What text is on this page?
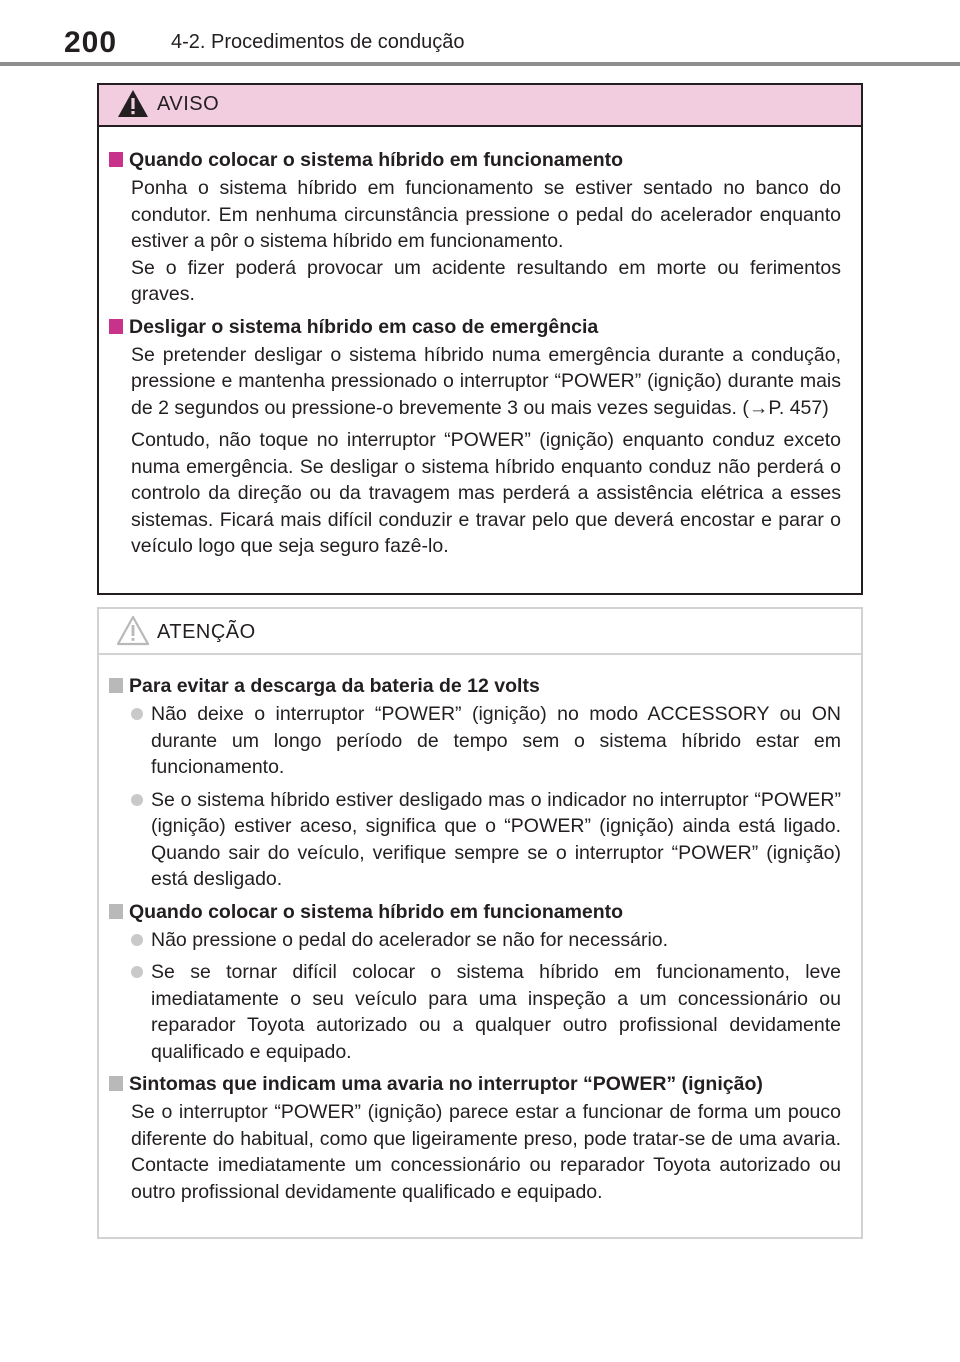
200	4-2. Procedimentos de condução
AVISO
Quando colocar o sistema híbrido em funcionamento

Ponha o sistema híbrido em funcionamento se estiver sentado no banco do condutor. Em nenhuma circunstância pressione o pedal do acelerador enquanto estiver a pôr o sistema híbrido em funcionamento.
Se o fizer poderá provocar um acidente resultando em morte ou ferimentos graves.

Desligar o sistema híbrido em caso de emergência

Se pretender desligar o sistema híbrido numa emergência durante a condução, pressione e mantenha pressionado o interruptor “POWER” (ignição) durante mais de 2 segundos ou pressione-o brevemente 3 ou mais vezes seguidas. (→P. 457)

Contudo, não toque no interruptor “POWER” (ignição) enquanto conduz exceto numa emergência. Se desligar o sistema híbrido enquanto conduz não perderá o controlo da direção ou da travagem mas perderá a assistência elétrica a esses sistemas. Ficará mais difícil conduzir e travar pelo que deverá encostar e parar o veículo logo que seja seguro fazê-lo.

ATENÇÃO
Para evitar a descarga da bateria de 12 volts
Não deixe o interruptor “POWER” (ignição) no modo ACCESSORY ou ON durante um longo período de tempo sem o sistema híbrido estar em funcionamento.
Se o sistema híbrido estiver desligado mas o indicador no interruptor “POWER” (ignição) estiver aceso, significa que o “POWER” (ignição) ainda está ligado. Quando sair do veículo, verifique sempre se o interruptor “POWER” (ignição) está desligado.
Quando colocar o sistema híbrido em funcionamento
Não pressione o pedal do acelerador se não for necessário.
Se se tornar difícil colocar o sistema híbrido em funcionamento, leve imediatamente o seu veículo para uma inspeção a um concessionário ou reparador Toyota autorizado ou a qualquer outro profissional devidamente qualificado e equipado.
Sintomas que indicam uma avaria no interruptor “POWER” (ignição)

Se o interruptor “POWER” (ignição) parece estar a funcionar de forma um pouco diferente do habitual, como que ligeiramente preso, pode tratar-se de uma avaria. Contacte imediatamente um concessionário ou reparador Toyota autorizado ou outro profissional devidamente qualificado e equipado.
